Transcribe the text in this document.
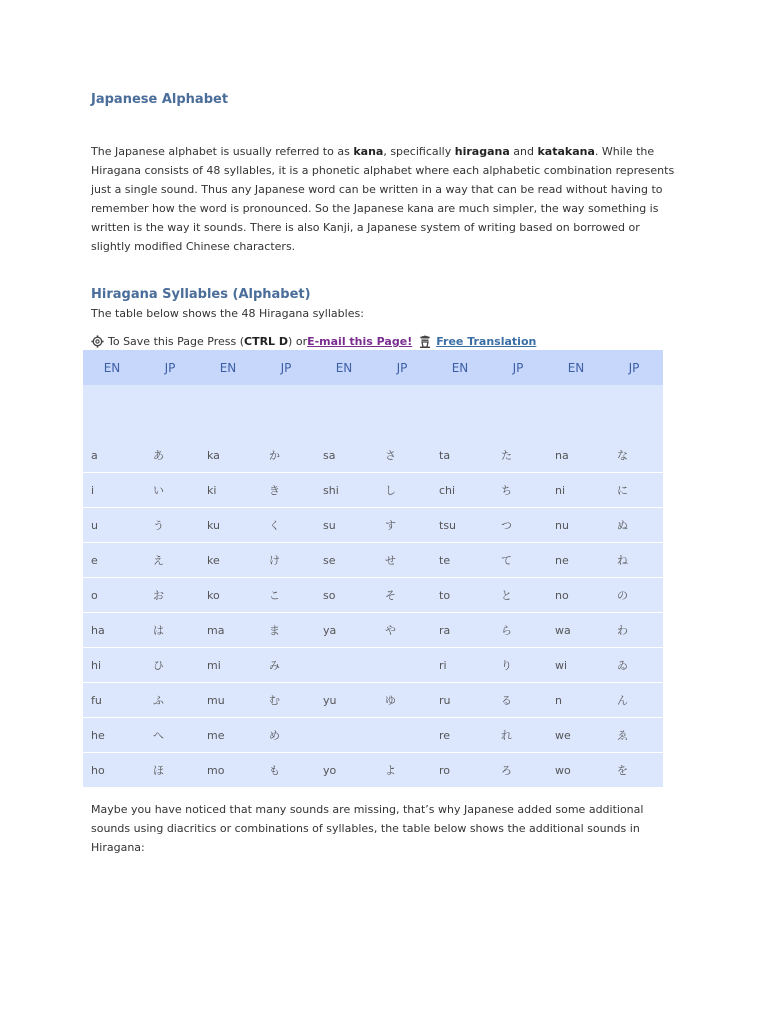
Japanese Alphabet

The Japanese alphabet is usually referred to as kana, specifically hiragana and katakana. While the Hiragana consists of 48 syllables, it is a phonetic alphabet where each alphabetic combination represents just a single sound. Thus any Japanese word can be written in a way that can be read without having to remember how the word is pronounced. So the Japanese kana are much simpler, the way something is written is the way it sounds. There is also Kanji, a Japanese system of writing based on borrowed or slightly modified Chinese characters.

Hiragana Syllables (Alphabet)

The table below shows the 48 Hiragana syllables:

To Save this Page Press ( CTRL D ) or E-mail this Page! Free Translation
EN	JP	EN	JP	EN	JP	EN	JP	EN	JP

a	あ	ka	か	sa	さ	ta	た	na	な
i	い	ki	き	shi	し	chi	ち	ni	に
u	う	ku	く	su	す	tsu	つ	nu	ぬ
e	え	ke	け	se	せ	te	て	ne	ね
o	お	ko	こ	so	そ	to	と	no	の
ha	は	ma	ま	ya	や	ra	ら	wa	わ
hi	ひ	mi	み			ri	り	wi	ゐ
fu	ふ	mu	む	yu	ゆ	ru	る	n	ん
he	へ	me	め			re	れ	we	ゑ
ho	ほ	mo	も	yo	よ	ro	ろ	wo	を

Maybe you have noticed that many sounds are missing, that’s why Japanese added some additional sounds using diacritics or combinations of syllables, the table below shows the additional sounds in Hiragana:
